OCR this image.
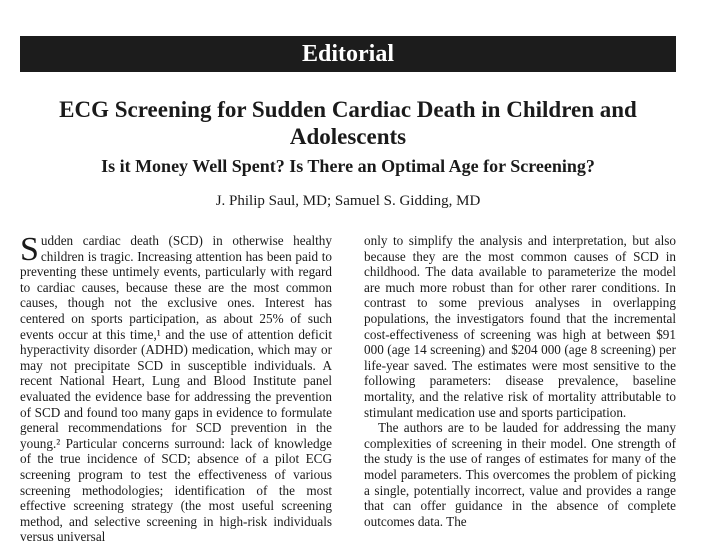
Editorial
ECG Screening for Sudden Cardiac Death in Children and Adolescents
Is it Money Well Spent? Is There an Optimal Age for Screening?
J. Philip Saul, MD; Samuel S. Gidding, MD

Sudden cardiac death (SCD) in otherwise healthy children is tragic. Increasing attention has been paid to preventing these untimely events, particularly with regard to cardiac causes, because these are the most common causes, though not the exclusive ones. Interest has centered on sports participation, as about 25% of such events occur at this time,¹ and the use of attention deficit hyperactivity disorder (ADHD) medication, which may or may not precipitate SCD in susceptible individuals. A recent National Heart, Lung and Blood Institute panel evaluated the evidence base for addressing the prevention of SCD and found too many gaps in evidence to formulate general recommendations for SCD prevention in the young.² Particular concerns surround: lack of knowledge of the true incidence of SCD; absence of a pilot ECG screening program to test the effectiveness of various screening methodologies; identification of the most effective screening strategy (the most useful screening method, and selective screening in high-risk individuals versus universal

only to simplify the analysis and interpretation, but also because they are the most common causes of SCD in childhood. The data available to parameterize the model are much more robust than for other rarer conditions. In contrast to some previous analyses in overlapping populations, the investigators found that the incremental cost-effectiveness of screening was high at between $91 000 (age 14 screening) and $204 000 (age 8 screening) per life-year saved. The estimates were most sensitive to the following parameters: disease prevalence, baseline mortality, and the relative risk of mortality attributable to stimulant medication use and sports participation.

The authors are to be lauded for addressing the many complexities of screening in their model. One strength of the study is the use of ranges of estimates for many of the model parameters. This overcomes the problem of picking a single, potentially incorrect, value and provides a range that can offer guidance in the absence of complete outcomes data. The
